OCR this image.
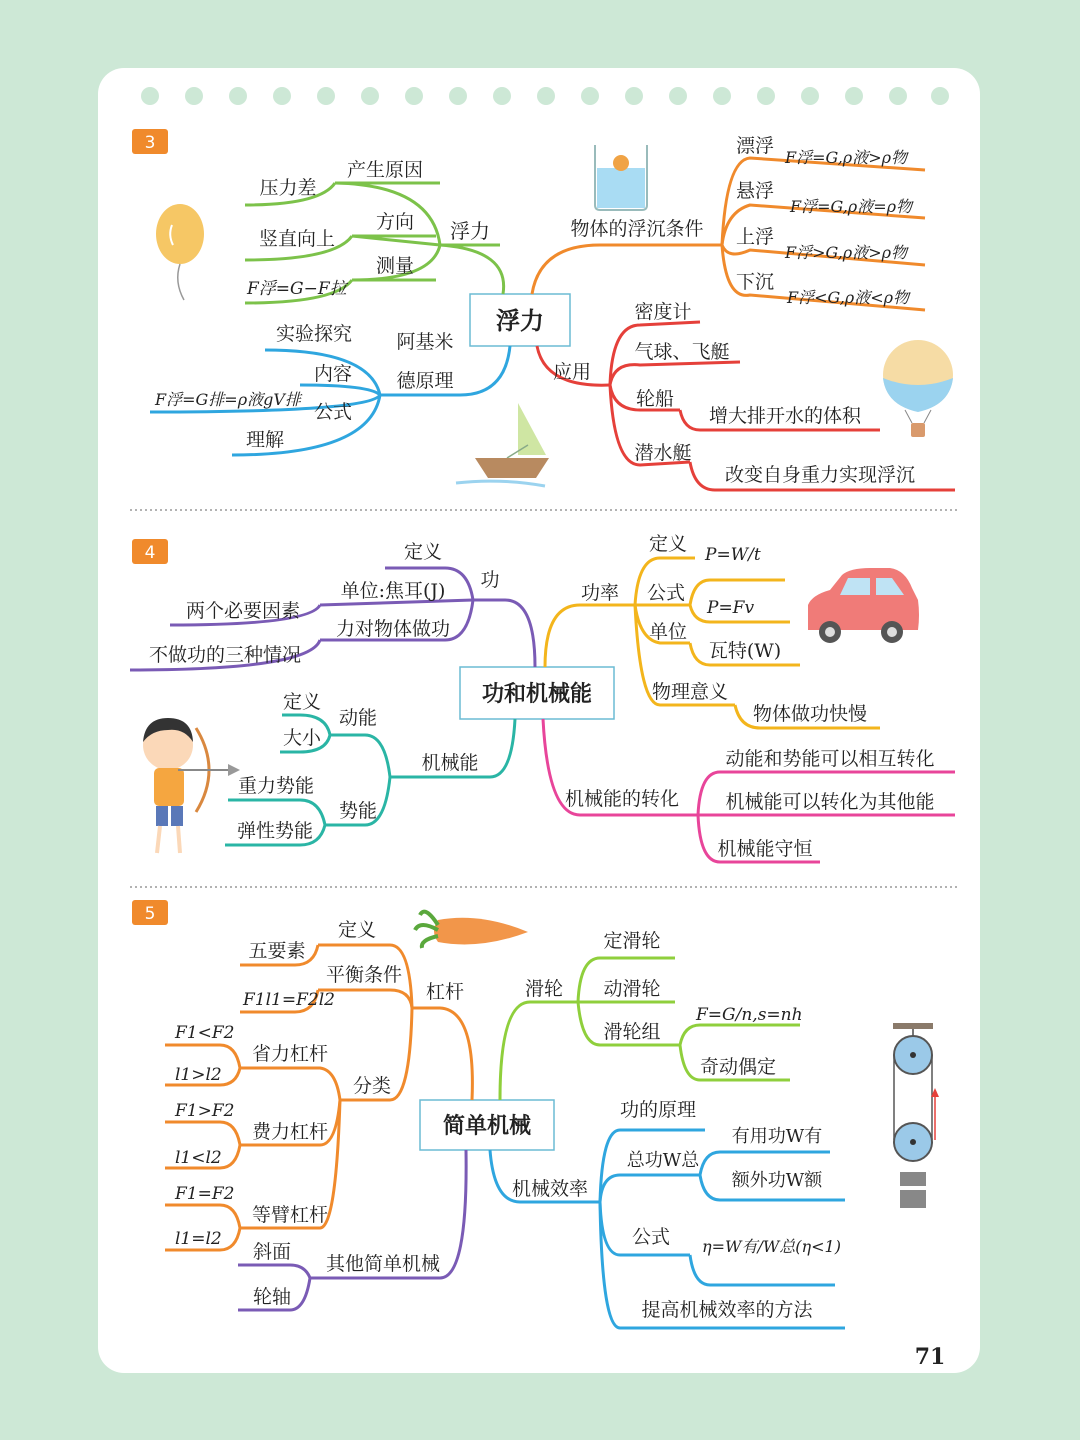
3
浮力
浮力
产生原因
压力差
方向
竖直向上
测量
F浮=G−F拉
阿基米
德原理
实验探究
内容
公式
F浮=G排=ρ液gV排
理解
物体的浮沉条件
漂浮
F浮=G,ρ液>ρ物
悬浮
F浮=G,ρ液=ρ物
上浮
F浮>G,ρ液>ρ物
下沉
F浮<G,ρ液<ρ物
应用
密度计
气球、飞艇
轮船
增大排开水的体积
潜水艇
改变自身重力实现浮沉
4
功和机械能
功
定义
单位:焦耳(J)
力对物体做功
两个必要因素
不做功的三种情况
功率
定义 P=W/t
公式
P=Fv
单位
瓦特(W)
物理意义
物体做功快慢
机械能
动能
定义
大小
势能
重力势能
弹性势能
机械能的转化
动能和势能可以相互转化
机械能可以转化为其他能
机械能守恒
5
简单机械
杠杆
定义
五要素
平衡条件
F1l1=F2l2
分类
省力杠杆
F1<F2
l1>l2
费力杠杆
F1>F2
l1<l2
等臂杠杆
F1=F2
l1=l2
其他简单机械
斜面
轮轴
滑轮
定滑轮
动滑轮
滑轮组
F=G/n,s=nh
奇动偶定
机械效率
功的原理
总功W总
有用功W有
额外功W额
公式 η=W有/W总(η<1)
提高机械效率的方法
71
